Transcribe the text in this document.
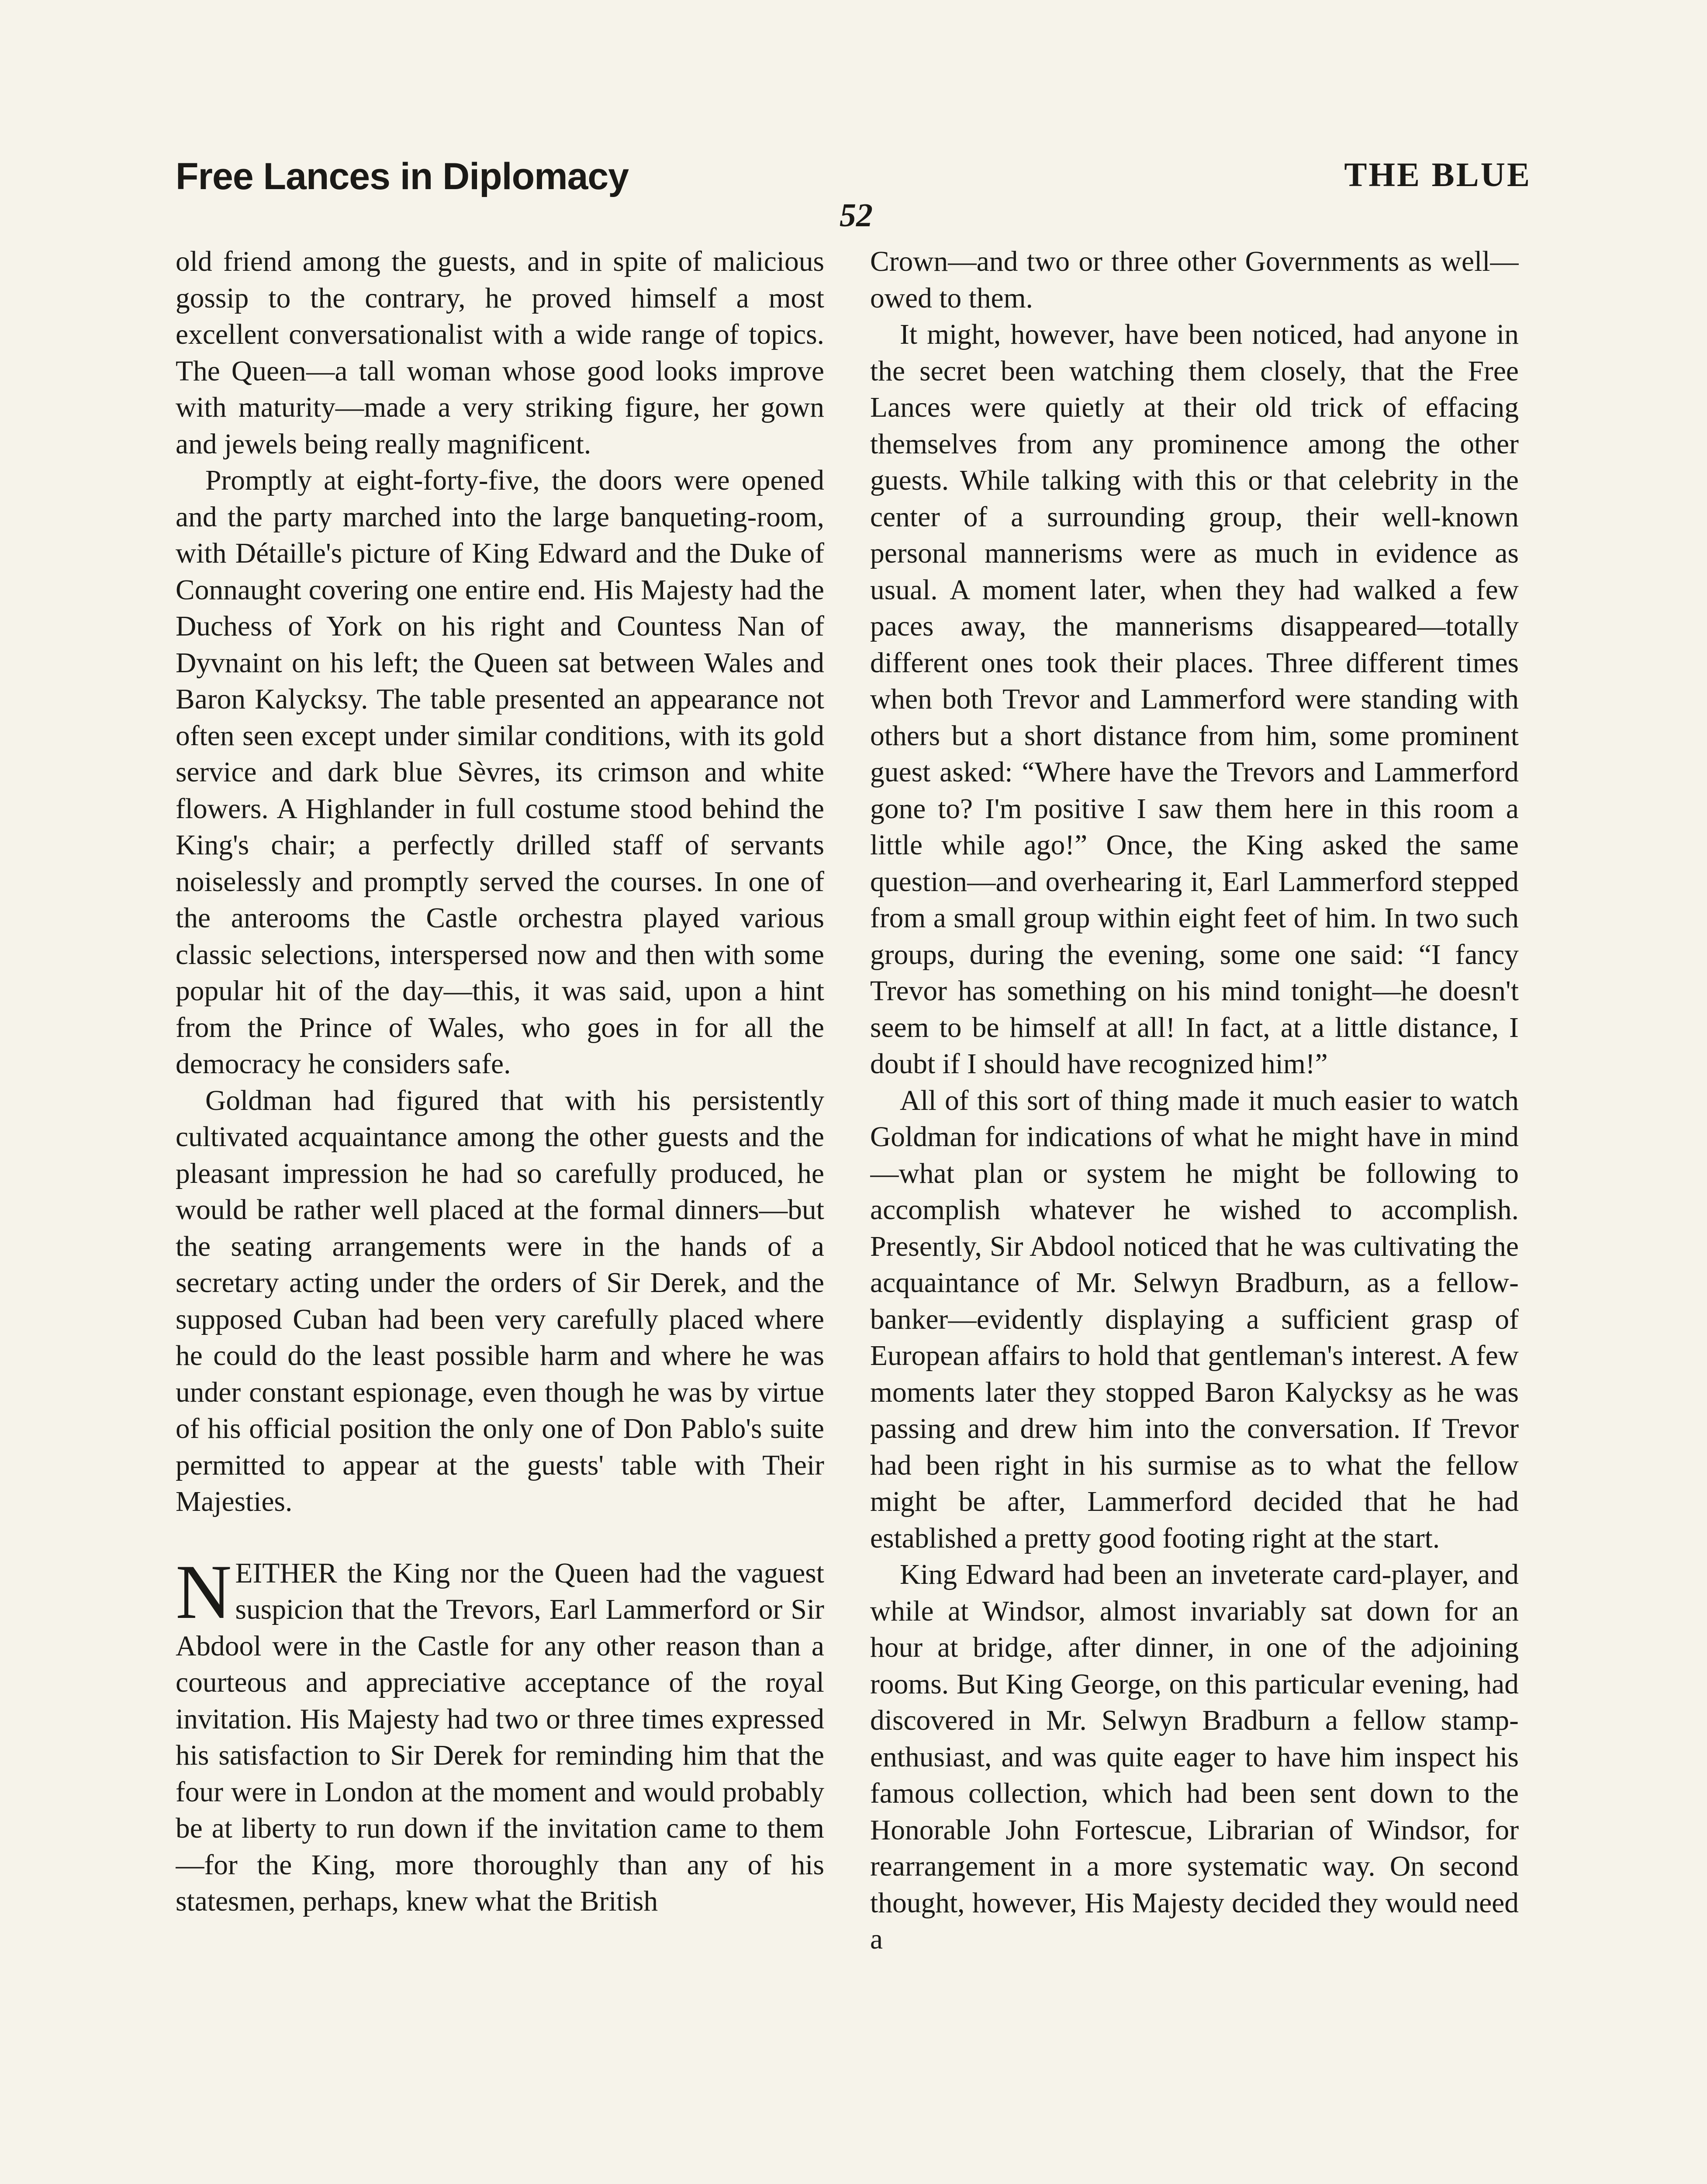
Free Lances in Diplomacy	THE BLUE
52

old friend among the guests, and in spite of malicious gossip to the contrary, he proved himself a most excellent conversationalist with a wide range of topics. The Queen—a tall woman whose good looks improve with maturity—made a very striking figure, her gown and jewels being really magnificent.

Promptly at eight-forty-five, the doors were opened and the party marched into the large banqueting-room, with Détaille's picture of King Edward and the Duke of Connaught covering one entire end. His Majesty had the Duchess of York on his right and Countess Nan of Dyvnaint on his left; the Queen sat between Wales and Baron Kalycksy. The table presented an appearance not often seen except under similar conditions, with its gold service and dark blue Sèvres, its crimson and white flowers. A Highlander in full costume stood behind the King's chair; a perfectly drilled staff of servants noiselessly and promptly served the courses. In one of the anterooms the Castle orchestra played various classic selections, interspersed now and then with some popular hit of the day—this, it was said, upon a hint from the Prince of Wales, who goes in for all the democracy he considers safe.

Goldman had figured that with his persistently cultivated acquaintance among the other guests and the pleasant impression he had so carefully produced, he would be rather well placed at the formal dinners—but the seating arrangements were in the hands of a secretary acting under the orders of Sir Derek, and the supposed Cuban had been very carefully placed where he could do the least possible harm and where he was under constant espionage, even though he was by virtue of his official position the only one of Don Pablo's suite permitted to appear at the guests' table with Their Majesties.

NEITHER the King nor the Queen had the vaguest suspicion that the Trevors, Earl Lammerford or Sir Abdool were in the Castle for any other reason than a courteous and appreciative acceptance of the royal invitation. His Majesty had two or three times expressed his satisfaction to Sir Derek for reminding him that the four were in London at the moment and would probably be at liberty to run down if the invitation came to them—for the King, more thoroughly than any of his statesmen, perhaps, knew what the British

Crown—and two or three other Governments as well—owed to them.

It might, however, have been noticed, had anyone in the secret been watching them closely, that the Free Lances were quietly at their old trick of effacing themselves from any prominence among the other guests. While talking with this or that celebrity in the center of a surrounding group, their well-known personal mannerisms were as much in evidence as usual. A moment later, when they had walked a few paces away, the mannerisms disappeared—totally different ones took their places. Three different times when both Trevor and Lammerford were standing with others but a short distance from him, some prominent guest asked: “Where have the Trevors and Lammerford gone to? I'm positive I saw them here in this room a little while ago!” Once, the King asked the same question—and overhearing it, Earl Lammerford stepped from a small group within eight feet of him. In two such groups, during the evening, some one said: “I fancy Trevor has something on his mind tonight—he doesn't seem to be himself at all! In fact, at a little distance, I doubt if I should have recognized him!”

All of this sort of thing made it much easier to watch Goldman for indications of what he might have in mind—what plan or system he might be following to accomplish whatever he wished to accomplish. Presently, Sir Abdool noticed that he was cultivating the acquaintance of Mr. Selwyn Bradburn, as a fellow-banker—evidently displaying a sufficient grasp of European affairs to hold that gentleman's interest. A few moments later they stopped Baron Kalycksy as he was passing and drew him into the conversation. If Trevor had been right in his surmise as to what the fellow might be after, Lammerford decided that he had established a pretty good footing right at the start.

King Edward had been an inveterate card-player, and while at Windsor, almost invariably sat down for an hour at bridge, after dinner, in one of the adjoining rooms. But King George, on this particular evening, had discovered in Mr. Selwyn Bradburn a fellow stamp-enthusiast, and was quite eager to have him inspect his famous collection, which had been sent down to the Honorable John Fortescue, Librarian of Windsor, for rearrangement in a more systematic way. On second thought, however, His Majesty decided they would need a
